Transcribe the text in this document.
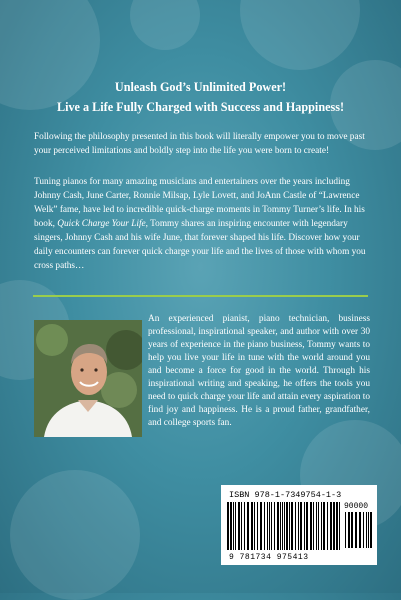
Unleash God’s Unlimited Power!
Live a Life Fully Charged with Success and Happiness!
Following the philosophy presented in this book will literally empower you to move past your perceived limitations and boldly step into the life you were born to create!
Tuning pianos for many amazing musicians and entertainers over the years including Johnny Cash, June Carter, Ronnie Milsap, Lyle Lovett, and JoAnn Castle of “Lawrence Welk” fame, have led to incredible quick-charge moments in Tommy Turner’s life. In his book, Quick Charge Your Life, Tommy shares an inspiring encounter with legendary singers, Johnny Cash and his wife June, that forever shaped his life. Discover how your daily encounters can forever quick charge your life and the lives of those with whom you cross paths…
An experienced pianist, piano technician, business professional, inspirational speaker, and author with over 30 years of experience in the piano business, Tommy wants to help you live your life in tune with the world around you and become a force for good in the world. Through his inspirational writing and speaking, he offers the tools you need to quick charge your life and attain every aspiration to find joy and happiness. He is a proud father, grandfather, and college sports fan.
ISBN 978-1-7349754-1-3
9 781734 975413
90000
